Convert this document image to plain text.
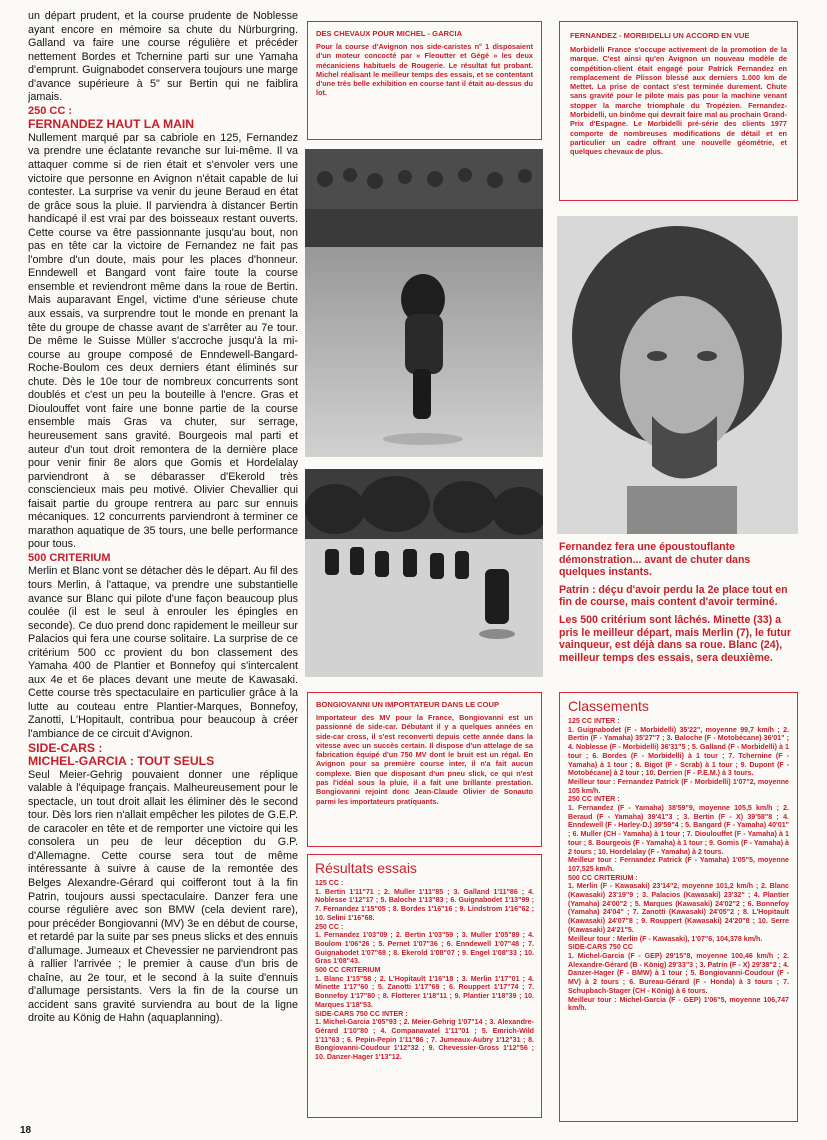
un départ prudent, et la course prudente de Noblesse ayant encore en mémoire sa chute du Nürburgring. Galland va faire une course régulière et précéder nettement Bordes et Tchernine parti sur une Yamaha d'emprunt. Guignabodet conservera toujours une marge d'avance supérieure à 5" sur Bertin qui ne faiblira jamais.

250 CC :
FERNANDEZ HAUT LA MAIN

Nullement marqué par sa cabriole en 125, Fernandez va prendre une éclatante revanche sur lui-même. Il va attaquer comme si de rien était et s'envoler vers une victoire que personne en Avignon n'était capable de lui contester. La surprise va venir du jeune Beraud en état de grâce sous la pluie. Il parviendra à distancer Bertin handicapé il est vrai par des boisseaux restant ouverts. Cette course va être passionnante jusqu'au bout, non pas en tête car la victoire de Fernandez ne fait pas l'ombre d'un doute, mais pour les places d'honneur. Enndewell et Bangard vont faire toute la course ensemble et reviendront même dans la roue de Bertin. Mais auparavant Engel, victime d'une sérieuse chute aux essais, va surprendre tout le monde en prenant la tête du groupe de chasse avant de s'arrêter au 7e tour. De même le Suisse Müller s'accroche jusqu'à la mi-course au groupe composé de Enndewell-Bangard-Roche-Boulom ces deux derniers étant éliminés sur chute. Dès le 10e tour de nombreux concurrents sont doublés et c'est un peu la bouteille à l'encre. Gras et Dioulouffet vont faire une bonne partie de la course ensemble mais Gras va chuter, sur serrage, heureusement sans gravité. Bourgeois mal parti et auteur d'un tout droit remontera de la dernière place pour venir finir 8e alors que Gomis et Hordelalay parviendront à se débarasser d'Ekerold très consciencieux mais peu motivé. Olivier Chevallier qui faisait partie du groupe rentrera au parc sur ennuis mécaniques. 12 concurrents parviendront à terminer ce marathon aquatique de 35 tours, une belle performance pour tous.

500 CRITERIUM

Merlin et Blanc vont se détacher dès le départ. Au fil des tours Merlin, à l'attaque, va prendre une substantielle avance sur Blanc qui pilote d'une façon beaucoup plus coulée (il est le seul à enrouler les épingles en seconde). Ce duo prend donc rapidement le meilleur sur Palacios qui fera une course solitaire. La surprise de ce critérium 500 cc provient du bon classement des Yamaha 400 de Plantier et Bonnefoy qui s'intercalent aux 4e et 6e places devant une meute de Kawasaki. Cette course très spectaculaire en particulier grâce à la lutte au couteau entre Plantier-Marques, Bonnefoy, Zanotti, L'Hopitault, contribua pour beaucoup à créer l'ambiance de ce circuit d'Avignon.

SIDE-CARS :
MICHEL-GARCIA : TOUT SEULS

Seul Meier-Gehrig pouvaient donner une réplique valable à l'équipage français. Malheureusement pour le spectacle, un tout droit allait les éliminer dès le second tour. Dès lors rien n'allait empêcher les pilotes de G.E.P. de caracoler en tête et de remporter une victoire qui les consolera un peu de leur déception du G.P. d'Allemagne. Cette course sera tout de même intéressante à suivre à cause de la remontée des Belges Alexandre-Gérard qui coifferont tout à la fin Patrin, toujours aussi spectaculaire. Danzer fera une course régulière avec son BMW (cela devient rare), pour précéder Bongiovanni (MV) 3e en début de course, et retardé par la suite par ses pneus slicks et des ennuis d'allumage. Jumeaux et Chevessier ne parviendront pas à rallier l'arrivée ; le premier à cause d'un bris de chaîne, au 2e tour, et le second à la suite d'ennuis d'allumage persistants. Vers la fin de la course un accident sans gravité surviendra au bout de la ligne droite au König de Hahn (aquaplanning).

DES CHEVAUX POUR MICHEL - GARCIA
Pour la course d'Avignon nos side-caristes n° 1 disposaient d'un moteur concocté par « Fleoutter et Gégé » les deux mécaniciens habituels de Rougerie. Le résultat fut probant. Michel réalisant le meilleur temps des essais, et se contentant d'une très belle exhibition en course tant il était au-dessus du lot.
FERNANDEZ - MORBIDELLI UN ACCORD EN VUE
Morbidelli France s'occupe activement de la promotion de la marque. C'est ainsi qu'en Avignon un nouveau modèle de compétition-client était engagé pour Patrick Fernandez en remplacement de Plisson blessé aux derniers 1.000 km de Mettet. La prise de contact s'est terminée durement. Chute sans gravité pour le pilote mais pas pour la machine venant stopper la marche triomphale du Tropézien. Fernandez-Morbidelli, un binôme qui devrait faire mal au prochain Grand-Prix d'Espagne. Le Morbidelli pré-série des clients 1977 comporte de nombreuses modifications de détail et en particulier un cadre offrant une nouvelle géométrie, et quelques chevaux de plus.

Fernandez fera une époustouflante démonstration... avant de chuter dans quelques instants.

Patrin : déçu d'avoir perdu la 2e place tout en fin de course, mais content d'avoir terminé.

Les 500 critérium sont lâchés. Minette (33) a pris le meilleur départ, mais Merlin (7), le futur vainqueur, est déjà dans sa roue. Blanc (24), meilleur temps des essais, sera deuxième.

BONGIOVANNI UN IMPORTATEUR DANS LE COUP
Importateur des MV pour la France, Bongiovanni est un passionné de side-car. Débutant il y a quelques années en side-car cross, il s'est reconverti depuis cette année dans la vitesse avec un succès certain. Il dispose d'un attelage de sa fabrication équipé d'un 750 MV dont le bruit est un régal. En Avignon pour sa première course inter, il n'a fait aucun complexe. Bien que disposant d'un pneu slick, ce qui n'est pas l'idéal sous la pluie, il a fait une brillante prestation. Bongiovanni rejoint donc Jean-Claude Olivier de Sonauto parmi les importateurs pratiquants.
Résultats essais
125 CC :
1. Bertin 1'11"71 ; 2. Muller 1'11"85 ; 3. Galland 1'11"86 ; 4. Noblesse 1'12"17 ; 5. Baloche 1'13"83 ; 6. Guignabodet 1'13"99 ; 7. Fernandez 1'15"05 ; 8. Bordes 1'16"16 ; 9. Lindstrom 1'16"62 ; 10. Selini 1'16"68.
250 CC :
1. Fernandez 1'03"09 ; 2. Bertin 1'03"59 ; 3. Muller 1'05"89 ; 4. Boulom 1'06"26 ; 5. Pernet 1'07"36 ; 6. Enndewell 1'07"48 ; 7. Guignabodet 1'07"68 ; 8. Ekerold 1'08"07 ; 9. Engel 1'08"33 ; 10. Gras 1'08"43.
500 CC CRITERIUM
1. Blanc 1'15"58 ; 2. L'Hopitault 1'16"18 ; 3. Merlin 1'17"01 ; 4. Minette 1'17"60 ; 5. Zanotti 1'17"69 ; 6. Rouppert 1'17"74 ; 7. Bonnefoy 1'17"80 ; 8. Flotterer 1'18"11 ; 9. Plantier 1'18"39 ; 10. Marques 1'18"53.
SIDE-CARS 750 CC INTER :
1. Michel-Garcia 1'05"93 ; 2. Meier-Gehrig 1'07"14 ; 3. Alexandre-Gérard 1'10"80 ; 4. Companavatel 1'11"01 ; 5. Emrich-Wild 1'11"63 ; 6. Pepin-Pepin 1'11"86 ; 7. Jumeaux-Aubry 1'12"31 ; 8. Bongiovanni-Coudour 1'12"32 ; 9. Chevessier-Gross 1'12"56 ; 10. Danzer-Hager 1'13"12.
Classements
125 CC INTER :
1. Guignabodet (F - Morbidelli) 35'22", moyenne 99,7 km/h ; 2. Bertin (F - Yamaha) 35'27"7 ; 3. Baloche (F - Motobécane) 36'01" ; 4. Noblesse (F - Morbidelli) 36'31"5 ; 5. Galland (F - Morbidelli) à 1 tour ; 6. Bordes (F - Morbidelli) à 1 tour ; 7. Tchernine (F - Yamaha) à 1 tour ; 8. Bigot (F - Scrab) à 1 tour ; 9. Dupont (F - Motobécane) à 2 tour ; 10. Derrien (F - P.E.M.) à 3 tours.
Meilleur tour : Fernandez Patrick (F - Morbidelli) 1'07"2, moyenne 105 km/h.
250 CC INTER :
1. Fernandez (F - Yamaha) 38'59"9, moyenne 105,5 km/h ; 2. Beraud (F - Yamaha) 39'41"3 ; 3. Bertin (F - X) 39'58"8 ; 4. Enndewell (F - Harley-D.) 39'59"4 ; 5. Bangard (F - Yamaha) 40'01" ; 6. Muller (CH - Yamaha) à 1 tour ; 7. Dioulouffet (F - Yamaha) à 1 tour ; 8. Bourgeois (F - Yamaha) à 1 tour ; 9. Gomis (F - Yamaha) à 2 tours ; 10. Hordelalay (F - Yamaha) à 2 tours.
Meilleur tour : Fernandez Patrick (F - Yamaha) 1'05"5, moyenne 107,525 km/h.
500 CC CRITERIUM :
1. Merlin (F - Kawasaki) 23'14"2, moyenne 101,2 km/h ; 2. Blanc (Kawasaki) 23'19"9 ; 3. Palacios (Kawasaki) 23'32" ; 4. Plantier (Yamaha) 24'00"2 ; 5. Marques (Kawasaki) 24'02"2 ; 6. Bonnefoy (Yamaha) 24'04" ; 7. Zanotti (Kawasaki) 24'05"2 ; 8. L'Hopitault (Kawasaki) 24'07"8 ; 9. Rouppert (Kawasaki) 24'20"8 ; 10. Serre (Kawasaki) 24'21"5.
Meilleur tour : Merlin (F - Kawasaki), 1'07"6, 104,378 km/h.
SIDE-CARS 750 CC
1. Michel-Garcia (F - GEP) 29'15"8, moyenne 100,46 km/h ; 2. Alexandre-Gérard (B - König) 29'33"3 ; 3. Patrin (F - X) 29'38"2 ; 4. Danzer-Hager (F - BMW) à 1 tour ; 5. Bongiovanni-Coudour (F - MV) à 2 tours ; 6. Bureau-Gérard (F - Honda) à 3 tours ; 7. Schupbach-Stager (CH - König) à 6 tours.
Meilleur tour : Michel-Garcia (F - GEP) 1'06"5, moyenne 106,747 km/h.
18
